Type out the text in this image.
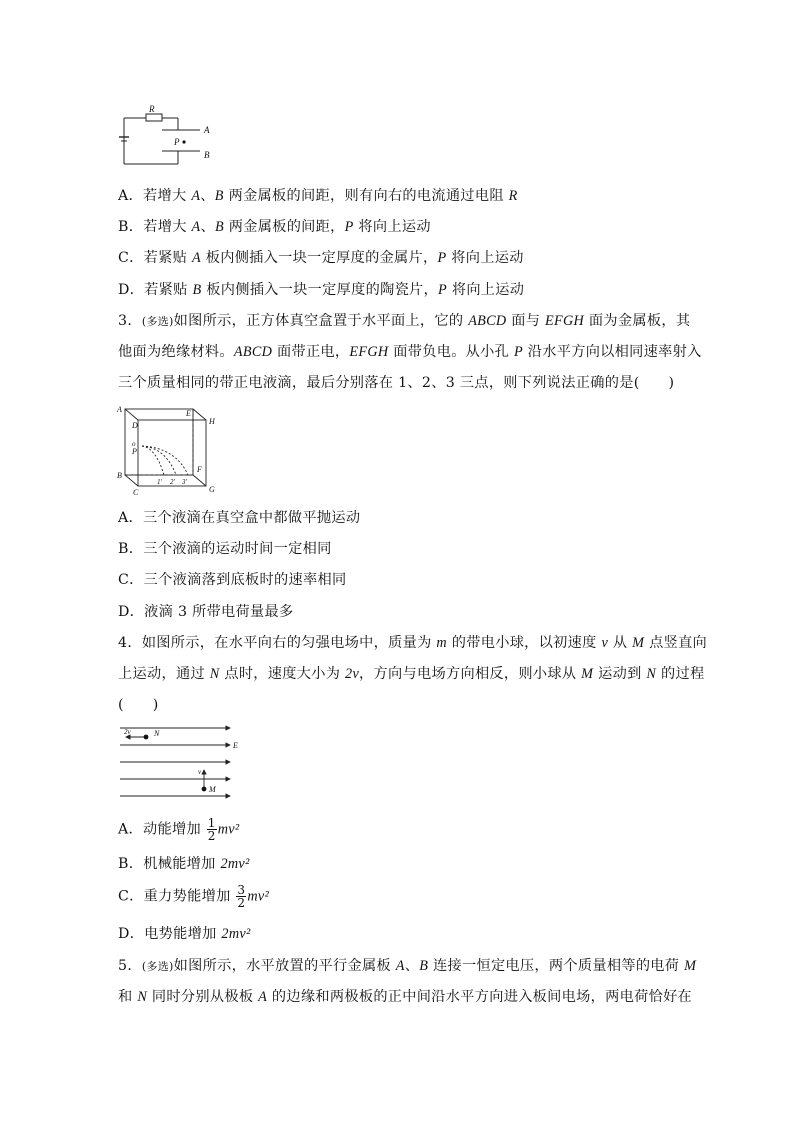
R
P
A
B
A．若增大 A、B 两金属板的间距，则有向右的电流通过电阻 R
B．若增大 A、B 两金属板的间距，P 将向上运动
C．若紧贴 A 板内侧插入一块一定厚度的金属片，P 将向上运动
D．若紧贴 B 板内侧插入一块一定厚度的陶瓷片，P 将向上运动
3．(多选)如图所示，正方体真空盒置于水平面上，它的 ABCD 面与 EFGH 面为金属板，其
他面为绝缘材料。ABCD 面带正电，EFGH 面带负电。从小孔 P 沿水平方向以相同速率射入
三个质量相同的带正电液滴，最后分别落在 1、2、3 三点，则下列说法正确的是(　　)
A
D
o
P
B
C
E
H
F
G
1' 2' 3'
A．三个液滴在真空盒中都做平抛运动
B．三个液滴的运动时间一定相同
C．三个液滴落到底板时的速率相同
D．液滴 3 所带电荷量最多
4．如图所示，在水平向右的匀强电场中，质量为 m 的带电小球，以初速度 v 从 M 点竖直向
上运动，通过 N 点时，速度大小为 2v，方向与电场方向相反，则小球从 M 运动到 N 的过程
(　　)
2v	N
E
v
M
A．动能增加 $\frac{1}{2} mv^2$
B．机械能增加 2mv²
C．重力势能增加 $\frac{3}{2} mv^2$
D．电势能增加 2mv²
5．(多选)如图所示，水平放置的平行金属板 A、B 连接一恒定电压，两个质量相等的电荷 M
和 N 同时分别从极板 A 的边缘和两极板的正中间沿水平方向进入板间电场，两电荷恰好在
